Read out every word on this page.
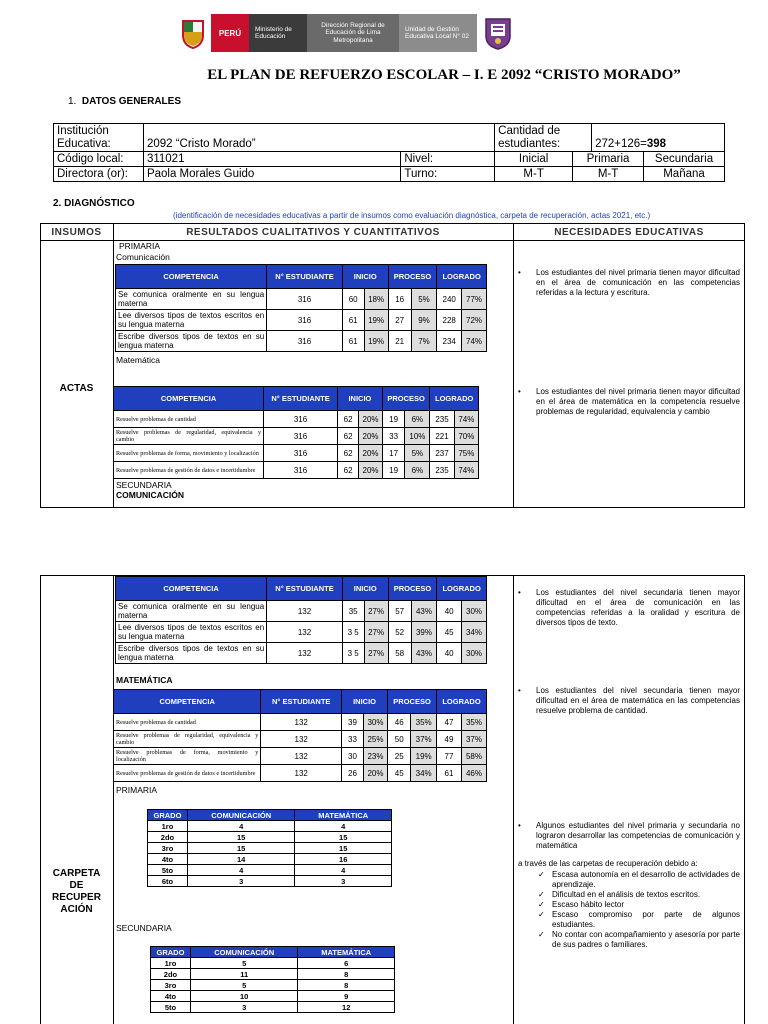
PERÚ	Ministerio de
Educación
Dirección Regional de
Educación de Lima
Metropolitana
Unidad de Gestión
Educativa Local N° 02
EL PLAN DE REFUERZO ESCOLAR – I. E 2092 “CRISTO MORADO”
1. DATOS GENERALES
Institución
Educativa:	2092 “Cristo Morado”		Cantidad de
estudiantes:		272+126=398	
Código local:	311021	Nivel:	Inicial	Primaria		Secundaria
Directora (or):	Paola Morales Guido	Turno:	M-T	M-T		Mañana
2. DIAGNÓSTICO
(identificación de necesidades educativas a partir de insumos como evaluación diagnóstica, carpeta de recuperación, actas 2021, etc.)
INSUMOS	RESULTADOS CUALITATIVOS Y CUANTITATIVOS	NECESIDADES EDUCATIVAS
ACTAS
PRIMARIA
Comunicación
COMPETENCIA	N° ESTUDIANTE	INICIO		PROCESO		LOGRADO	
Se comunica oralmente en su lengua materna	316	60	18%	16	5%	240	77%
Lee diversos tipos de textos escritos en su lengua materna	316	61	19%	27	9%	228	72%
Escribe diversos tipos de textos en su lengua materna	316	61	19%	21	7%	234	74%
Matemática
COMPETENCIA	N° ESTUDIANTE	INICIO		PROCESO		LOGRADO	
Resuelve problemas de cantidad	316	62	20%	19	6%	235	74%
Resuelve problemas de regularidad, equivalencia y cambio	316	62	20%	33	10%	221	70%
Resuelve problemas de forma, movimiento y localización	316	62	20%	17	5%	237	75%
Resuelve problemas de gestión de datos e incertidumbre	316	62	20%	19	6%	235	74%
SECUNDARIA
COMUNICACIÓN
• Los estudiantes del nivel primaria tienen mayor dificultad en el área de comunicación en las competencias referidas a la lectura y escritura.
• Los estudiantes del nivel primaria tienen mayor dificultad en el área de matemática en la competencia resuelve problemas de regularidad, equivalencia y cambio
COMPETENCIA	N° ESTUDIANTE	INICIO		PROCESO		LOGRADO	
Se comunica oralmente en su lengua materna	132	35	27%	57	43%	40	30%
Lee diversos tipos de textos escritos en su lengua materna	132	3 5	27%	52	39%	45	34%
Escribe diversos tipos de textos en su lengua materna	132	3 5	27%	58	43%	40	30%
MATEMÁTICA
COMPETENCIA	N° ESTUDIANTE	INICIO		PROCESO		LOGRADO	
Resuelve problemas de cantidad	132	39	30%	46	35%	47	35%
Resuelve problemas de regularidad, equivalencia y cambio	132	33	25%	50	37%	49	37%
Resuelve problemas de forma, movimiento y localización	132	30	23%	25	19%	77	58%
Resuelve problemas de gestión de datos e incertidumbre	132	26	20%	45	34%	61	46%
PRIMARIA
GRADO	COMUNICACIÓN	MATEMÁTICA
1ro	4	4
2do	15	15
3ro	15	15
4to	14	16
5to	4	4
6to	3	3
SECUNDARIA
GRADO	COMUNICACIÓN	MATEMÁTICA
1ro	5	6
2do	11	8
3ro	5	8
4to	10	9
5to	3	12
CARPETA
DE
RECUPER
ACIÓN
• Los estudiantes del nivel secundaria tienen mayor dificultad en el área de comunicación en las competencias referidas a la oralidad y escritura de diversos tipos de texto.
• Los estudiantes del nivel secundaria tienen mayor dificultad en el área de matemática en las competencias resuelve problema de cantidad.
• Algunos estudiantes del nivel primaria y secundaria no lograron desarrollar las competencias de comunicación y matemática
a través de las carpetas de recuperación debido a:
✓ Escasa autonomía en el desarrollo de actividades de aprendizaje.
✓ Dificultad en el análisis de textos escritos.
✓ Escaso hábito lector
✓ Escaso compromiso por parte de algunos estudiantes.
✓ No contar con acompañamiento y asesoría por parte de sus padres o familiares.
